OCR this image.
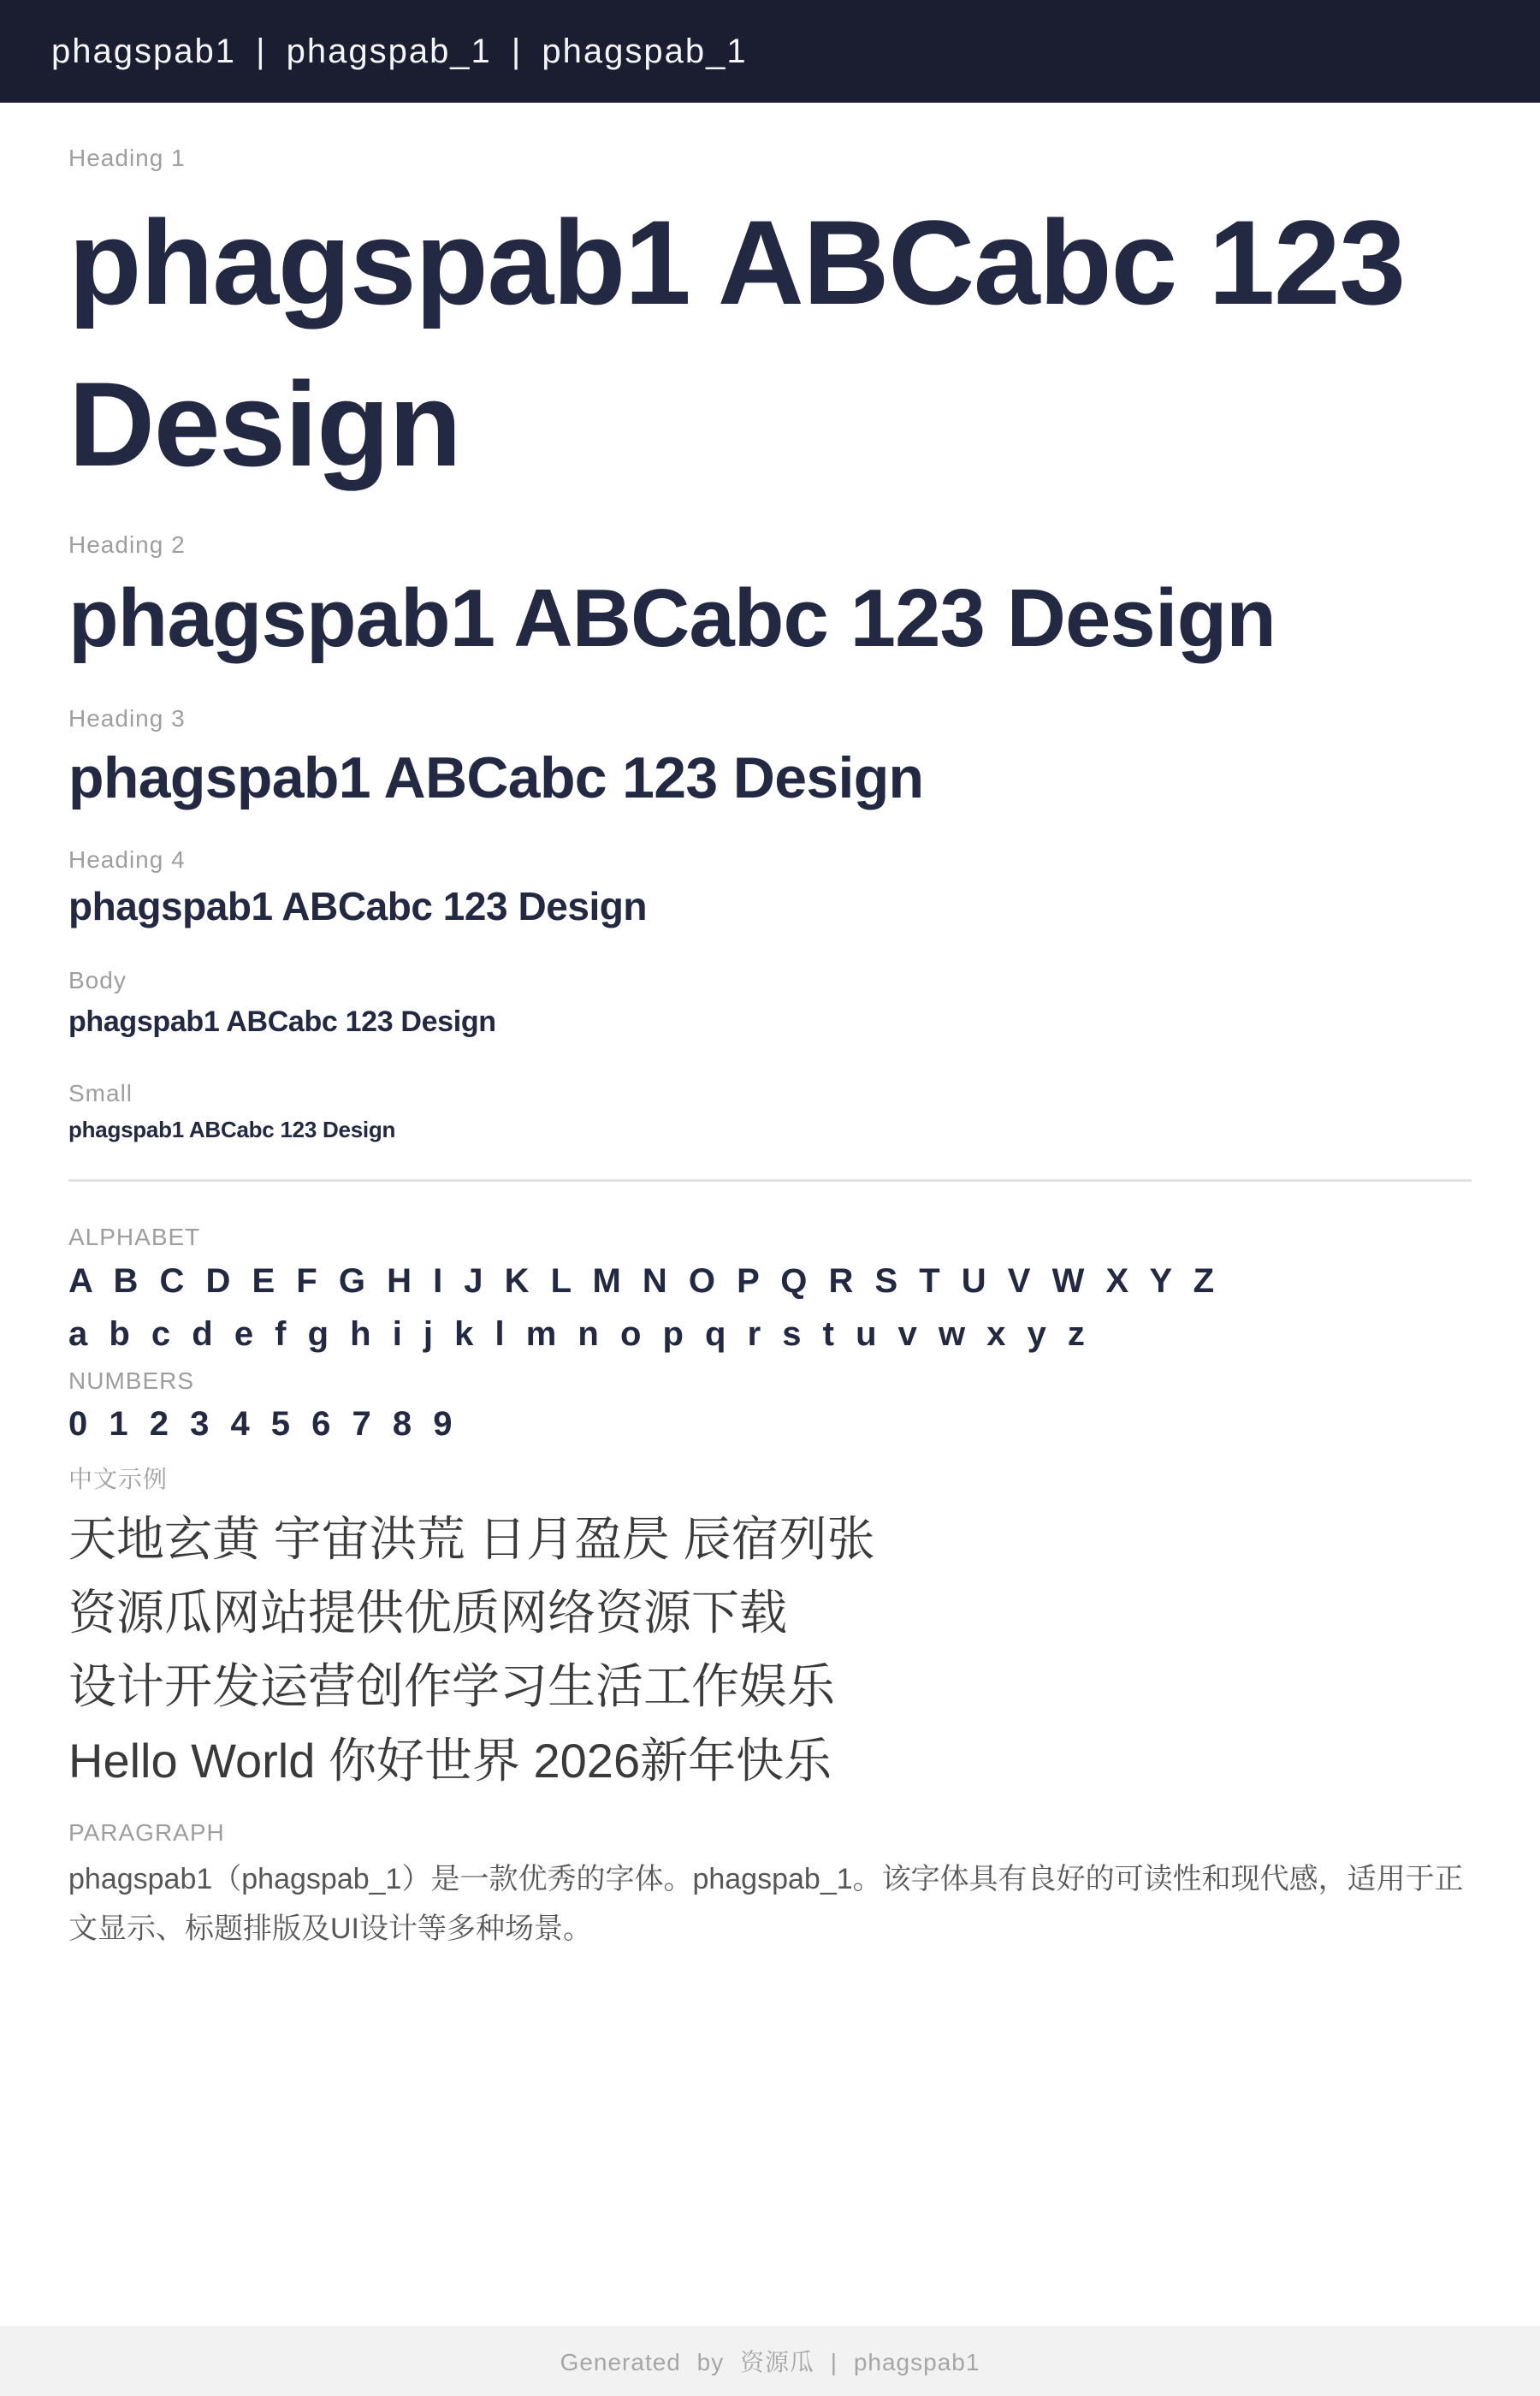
phagspab1 | phagspab_1 | phagspab_1
Heading 1
phagspab1 ABCabc 123 Design
Heading 2
phagspab1 ABCabc 123 Design
Heading 3
phagspab1 ABCabc 123 Design
Heading 4
phagspab1 ABCabc 123 Design
Body
phagspab1 ABCabc 123 Design
Small
phagspab1 ABCabc 123 Design
ALPHABET
A B C D E F G H I J K L M N O P Q R S T U V W X Y Z
a b c d e f g h i j k l m n o p q r s t u v w x y z
NUMBERS
0 1 2 3 4 5 6 7 8 9
中文示例
天地玄黄 宇宙洪荒 日月盈昃 辰宿列张
资源瓜网站提供优质网络资源下载
设计开发运营创作学习生活工作娱乐
Hello World 你好世界 2026新年快乐
PARAGRAPH

phagspab1（phagspab_1）是一款优秀的字体。phagspab_1。该字体具有良好的可读性和现代感，适用于正文显示、标题排版及UI设计等多种场景。

Generated by 资源瓜 | phagspab1
